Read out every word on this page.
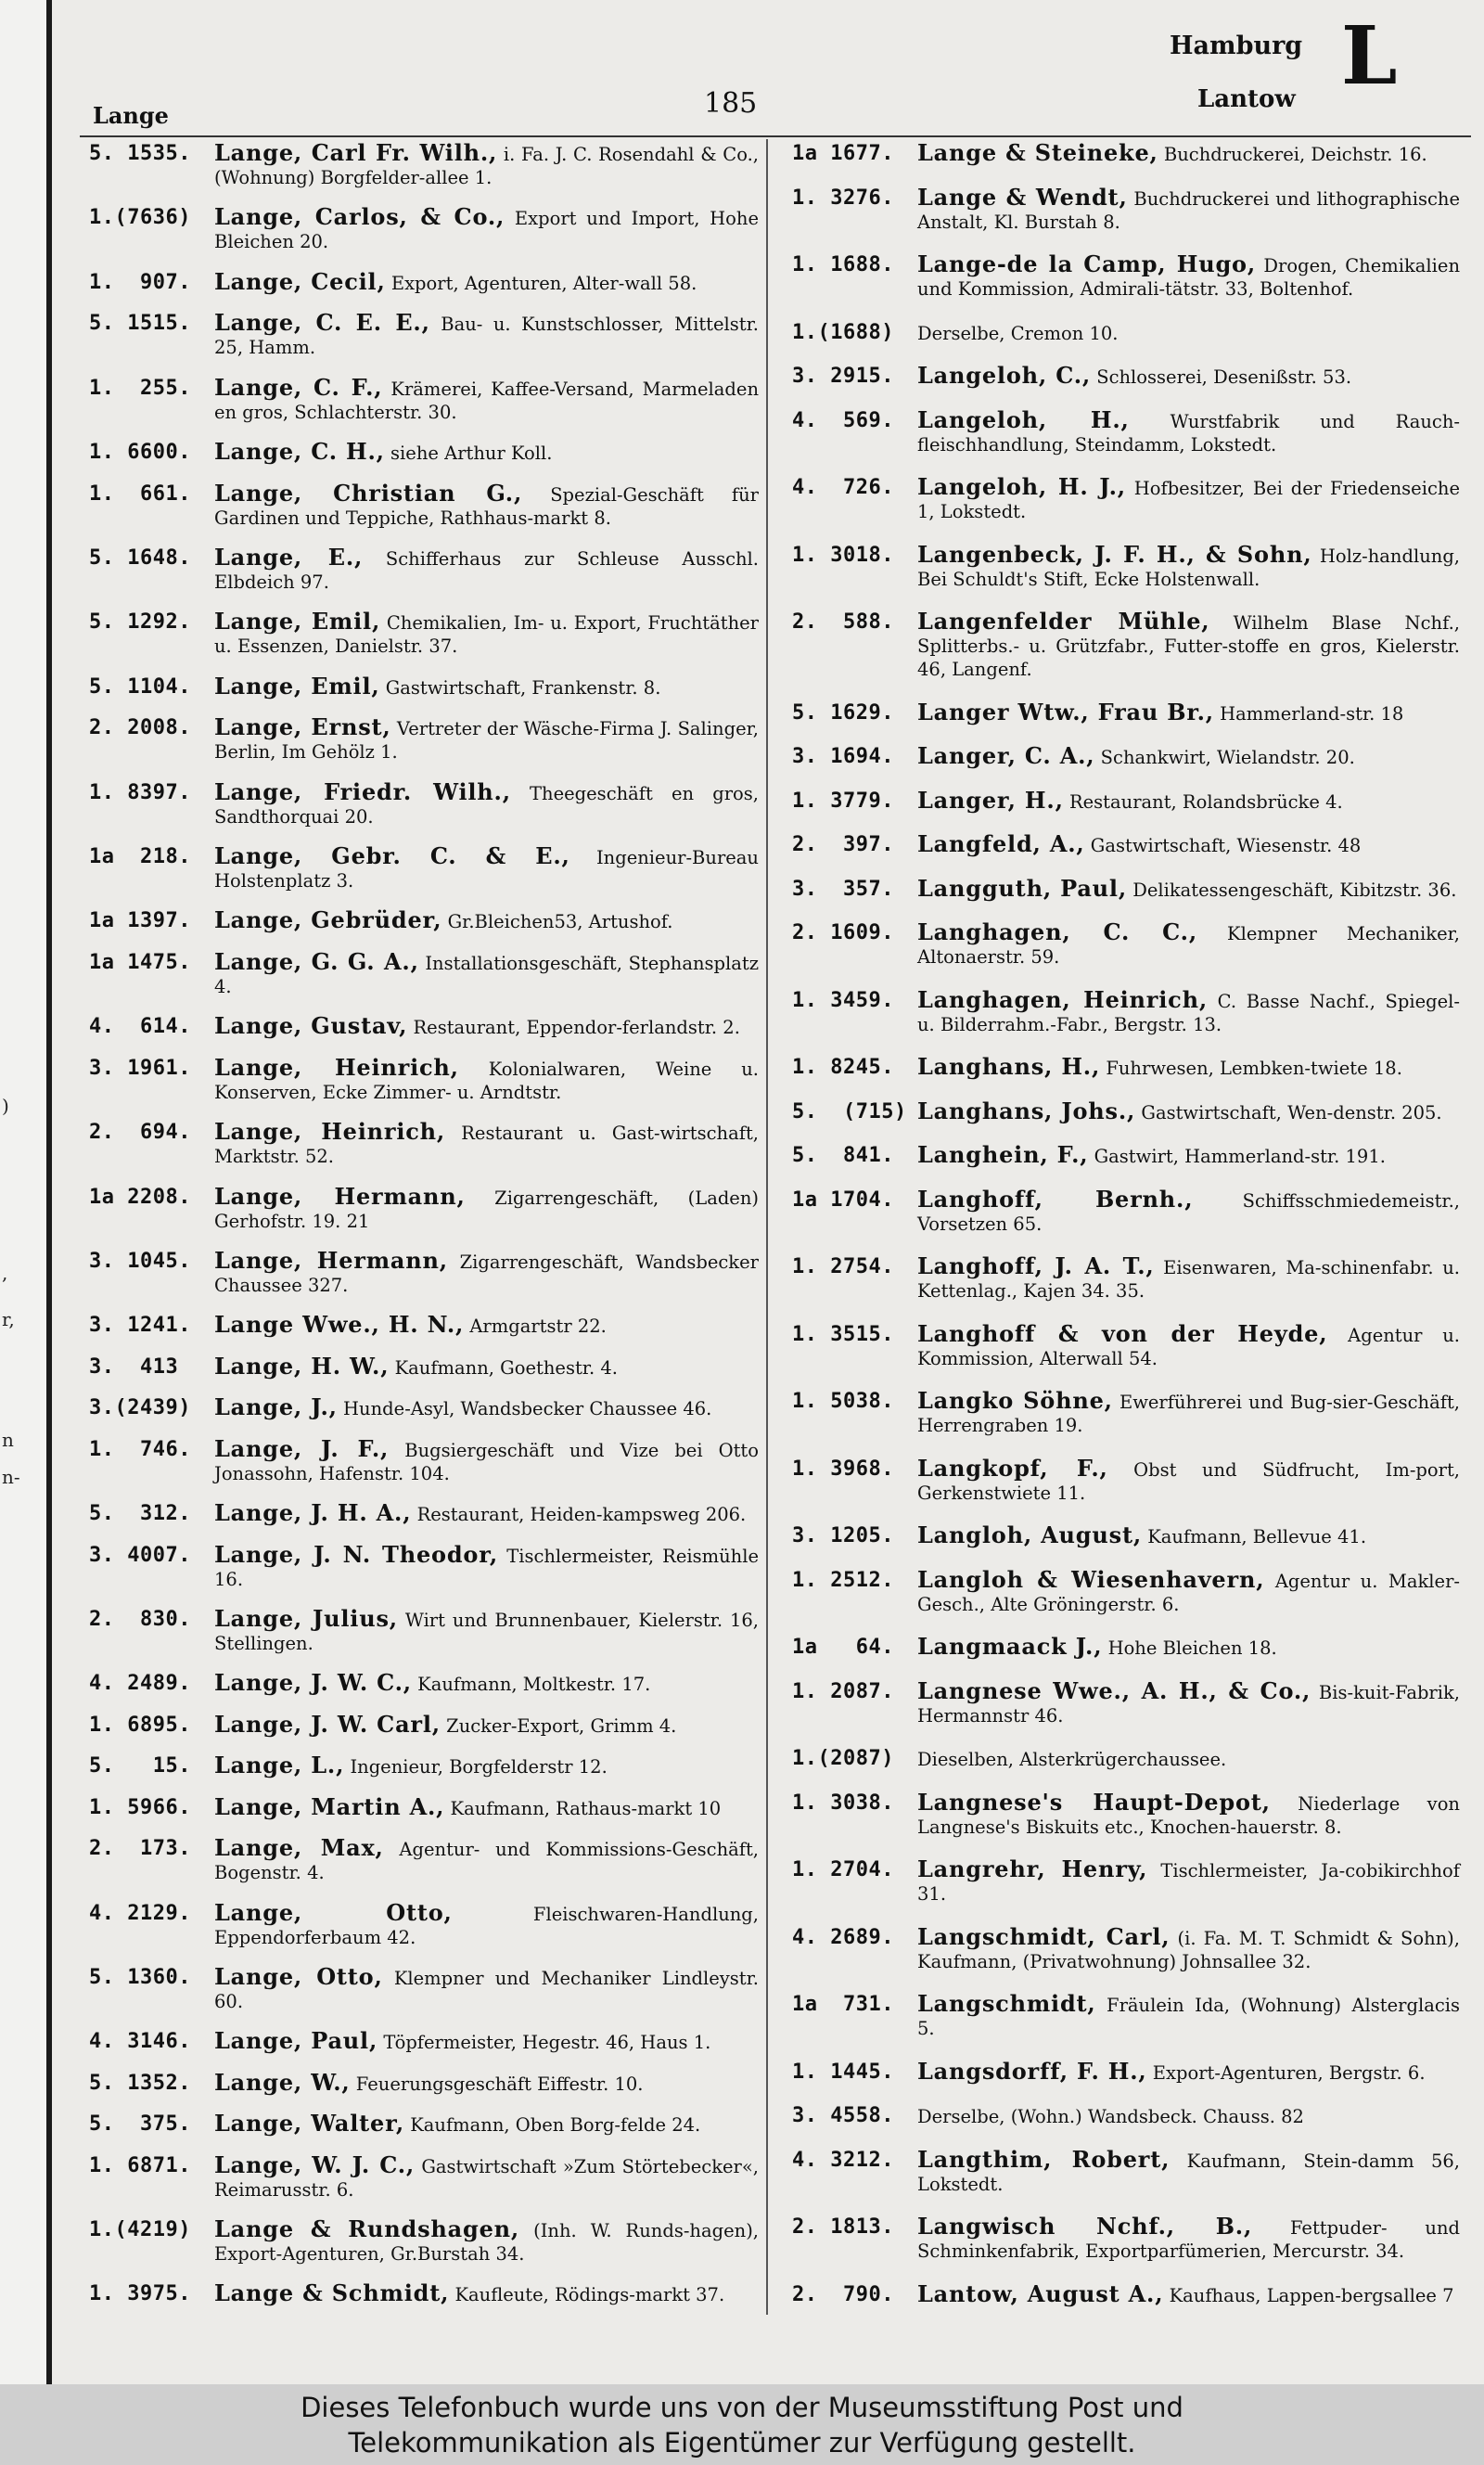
)
,
r,
n
n-
Lange	185
Hamburg
Lantow L
5. 1535.	Lange, Carl Fr. Wilh., i. Fa. J. C. Rosendahl & Co., (Wohnung) Borgfelder-allee 1.
1.(7636)	Lange, Carlos, & Co., Export und Import, Hohe Bleichen 20.
1.  907.	Lange, Cecil, Export, Agenturen, Alter-wall 58.
5. 1515.	Lange, C. E. E., Bau- u. Kunstschlosser, Mittelstr. 25, Hamm.
1.  255.	Lange, C. F., Krämerei, Kaffee-Versand, Marmeladen en gros, Schlachterstr. 30.
1. 6600.	Lange, C. H., siehe Arthur Koll.
1.  661.	Lange, Christian G., Spezial-Geschäft für Gardinen und Teppiche, Rathhaus-markt 8.
5. 1648.	Lange, E., Schifferhaus zur Schleuse Ausschl. Elbdeich 97.
5. 1292.	Lange, Emil, Chemikalien, Im- u. Export, Fruchtäther u. Essenzen, Danielstr. 37.
5. 1104.	Lange, Emil, Gastwirtschaft, Frankenstr. 8.
2. 2008.	Lange, Ernst, Vertreter der Wäsche-Firma J. Salinger, Berlin, Im Gehölz 1.
1. 8397.	Lange, Friedr. Wilh., Theegeschäft en gros, Sandthorquai 20.
1a  218.	Lange, Gebr. C. & E., Ingenieur-Bureau Holstenplatz 3.
1a 1397.	Lange, Gebrüder, Gr.Bleichen53, Artushof.
1a 1475.	Lange, G. G. A., Installationsgeschäft, Stephansplatz 4.
4.  614.	Lange, Gustav, Restaurant, Eppendor-ferlandstr. 2.
3. 1961.	Lange, Heinrich, Kolonialwaren, Weine u. Konserven, Ecke Zimmer- u. Arndtstr.
2.  694.	Lange, Heinrich, Restaurant u. Gast-wirtschaft, Marktstr. 52.
1a 2208.	Lange, Hermann, Zigarrengeschäft, (Laden) Gerhofstr. 19. 21
3. 1045.	Lange, Hermann, Zigarrengeschäft, Wandsbecker Chaussee 327.
3. 1241.	Lange Wwe., H. N., Armgartstr 22.
3.  413	Lange, H. W., Kaufmann, Goethestr. 4.
3.(2439)	Lange, J., Hunde-Asyl, Wandsbecker Chaussee 46.
1.  746.	Lange, J. F., Bugsiergeschäft und Vize bei Otto Jonassohn, Hafenstr. 104.
5.  312.	Lange, J. H. A., Restaurant, Heiden-kampsweg 206.
3. 4007.	Lange, J. N. Theodor, Tischlermeister, Reismühle 16.
2.  830.	Lange, Julius, Wirt und Brunnenbauer, Kielerstr. 16, Stellingen.
4. 2489.	Lange, J. W. C., Kaufmann, Moltkestr. 17.
1. 6895.	Lange, J. W. Carl, Zucker-Export, Grimm 4.
5.   15.	Lange, L., Ingenieur, Borgfelderstr 12.
1. 5966.	Lange, Martin A., Kaufmann, Rathaus-markt 10
2.  173.	Lange, Max, Agentur- und Kommissions-Geschäft, Bogenstr. 4.
4. 2129.	Lange, Otto,	Fleischwaren-Handlung, Eppendorferbaum 42.
5. 1360.	Lange, Otto, Klempner und Mechaniker Lindleystr. 60.
4. 3146.	Lange, Paul, Töpfermeister, Hegestr. 46, Haus 1.
5. 1352.	Lange, W., Feuerungsgeschäft Eiffestr. 10.
5.  375.	Lange, Walter, Kaufmann, Oben Borg-felde 24.
1. 6871.	Lange, W. J. C., Gastwirtschaft »Zum Störtebecker«, Reimarusstr. 6.
1.(4219)	Lange & Rundshagen, (Inh. W. Runds-hagen), Export-Agenturen, Gr.Burstah 34.
1. 3975.	Lange & Schmidt, Kaufleute, Rödings-markt 37.
1a 1677.	Lange & Steineke, Buchdruckerei, Deichstr. 16.
1. 3276.	Lange & Wendt, Buchdruckerei und lithographische Anstalt, Kl. Burstah 8.
1. 1688.	Lange-de la Camp, Hugo, Drogen, Chemikalien und Kommission, Admirali-tätstr. 33, Boltenhof.
1.(1688)	Derselbe, Cremon 10.
3. 2915.	Langeloh, C., Schlosserei, Desenißstr. 53.
4.  569.	Langeloh, H., Wurstfabrik und Rauch-fleischhandlung, Steindamm, Lokstedt.
4.  726.	Langeloh, H. J., Hofbesitzer, Bei der Friedenseiche 1, Lokstedt.
1. 3018.	Langenbeck, J. F. H., & Sohn, Holz-handlung, Bei Schuldt's Stift, Ecke Holstenwall.
2.  588.	Langenfelder Mühle, Wilhelm Blase Nchf., Splitterbs.- u. Grützfabr., Futter-stoffe en gros, Kielerstr. 46, Langenf.
5. 1629.	Langer Wtw., Frau Br., Hammerland-str. 18
3. 1694.	Langer, C. A., Schankwirt, Wielandstr. 20.
1. 3779.	Langer, H., Restaurant, Rolandsbrücke 4.
2.  397.	Langfeld, A., Gastwirtschaft, Wiesenstr. 48
3.  357.	Langguth, Paul, Delikatessengeschäft, Kibitzstr. 36.
2. 1609.	Langhagen, C. C., Klempner Mechaniker, Altonaerstr. 59.
1. 3459.	Langhagen, Heinrich, C. Basse Nachf., Spiegel- u. Bilderrahm.-Fabr., Bergstr. 13.
1. 8245.	Langhans, H., Fuhrwesen, Lembken-twiete 18.
5.  (715) Langhans, Johs., Gastwirtschaft, Wen-denstr. 205.
5.  841.	Langhein, F., Gastwirt, Hammerland-str. 191.
1a 1704.	Langhoff, Bernh.,	Schiffsschmiedemeistr., Vorsetzen 65.
1. 2754.	Langhoff, J. A. T., Eisenwaren, Ma-schinenfabr. u. Kettenlag., Kajen 34. 35.
1. 3515.	Langhoff & von der Heyde, Agentur u. Kommission, Alterwall 54.
1. 5038.	Langko Söhne, Ewerführerei und Bug-sier-Geschäft, Herrengraben 19.
1. 3968.	Langkopf, F., Obst und Südfrucht, Im-port, Gerkenstwiete 11.
3. 1205.	Langloh, August, Kaufmann, Bellevue 41.
1. 2512.	Langloh & Wiesenhavern, Agentur u. Makler-Gesch., Alte Gröningerstr. 6.
1a   64.	Langmaack J., Hohe Bleichen 18.
1. 2087.	Langnese Wwe., A. H., & Co., Bis-kuit-Fabrik, Hermannstr 46.
1.(2087)	Dieselben, Alsterkrügerchaussee.
1. 3038.	Langnese's Haupt-Depot, Niederlage von Langnese's Biskuits etc., Knochen-hauerstr. 8.
1. 2704.	Langrehr, Henry, Tischlermeister, Ja-cobikirchhof 31.
4. 2689.	Langschmidt, Carl, (i. Fa. M. T. Schmidt & Sohn), Kaufmann, (Privatwohnung) Johnsallee 32.
1a  731.	Langschmidt, Fräulein Ida, (Wohnung) Alsterglacis 5.
1. 1445.	Langsdorff, F. H., Export-Agenturen, Bergstr. 6.
3. 4558.	Derselbe, (Wohn.) Wandsbeck. Chauss. 82
4. 3212.	Langthim, Robert, Kaufmann, Stein-damm 56, Lokstedt.
2. 1813.	Langwisch Nchf., B., Fettpuder- und Schminkenfabrik, Exportparfümerien, Mercurstr. 34.
2.  790.	Lantow, August A., Kaufhaus, Lappen-bergsallee 7
Dieses Telefonbuch wurde uns von der Museumsstiftung Post und
Telekommunikation als Eigentümer zur Verfügung gestellt.
